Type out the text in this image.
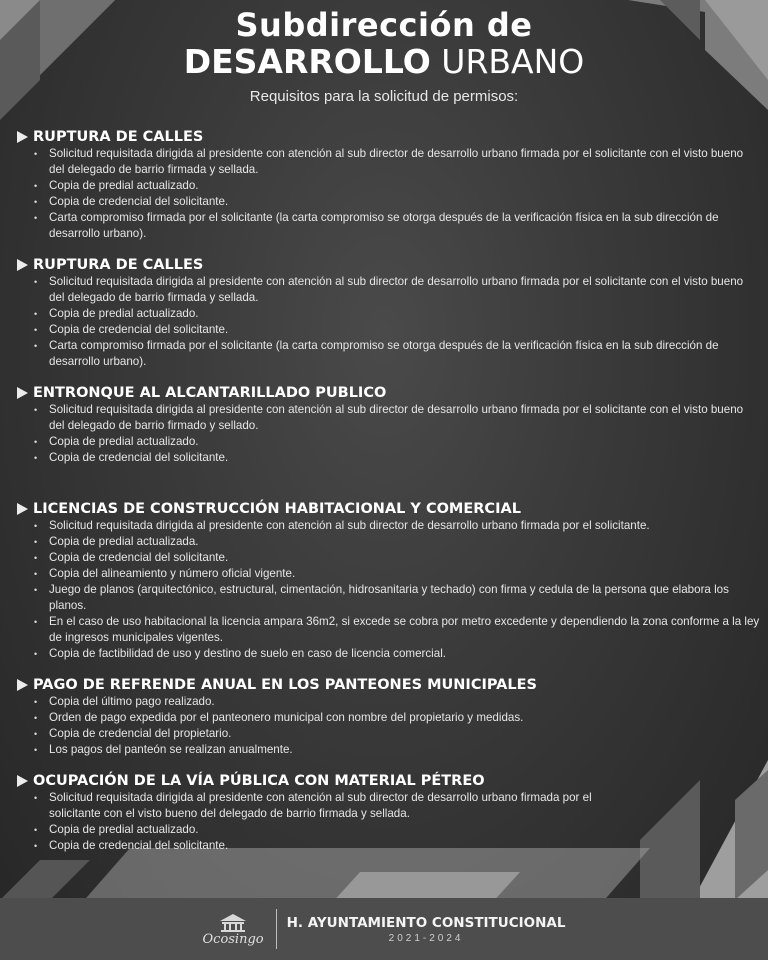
Subdirección de
DESARROLLO URBANO
Requisitos para la solicitud de permisos:
RUPTURA DE CALLES
• Solicitud requisitada dirigida al presidente con atención al sub director de desarrollo urbano firmada por el solicitante con el visto bueno del delegado de barrio firmada y sellada.
• Copia de predial actualizado.
• Copia de credencial del solicitante.
• Carta compromiso firmada por el solicitante (la carta compromiso se otorga después de la verificación física en la sub dirección de desarrollo urbano).
RUPTURA DE CALLES
• Solicitud requisitada dirigida al presidente con atención al sub director de desarrollo urbano firmada por el solicitante con el visto bueno del delegado de barrio firmada y sellada.
• Copia de predial actualizado.
• Copia de credencial del solicitante.
• Carta compromiso firmada por el solicitante (la carta compromiso se otorga después de la verificación física en la sub dirección de desarrollo urbano).
ENTRONQUE AL ALCANTARILLADO PUBLICO
• Solicitud requisitada dirigida al presidente con atención al sub director de desarrollo urbano firmada por el solicitante con el visto bueno del delegado de barrio firmado y sellado.
• Copia de predial actualizado.
• Copia de credencial del solicitante.
LICENCIAS DE CONSTRUCCIÓN HABITACIONAL Y COMERCIAL
• Solicitud requisitada dirigida al presidente con atención al sub director de desarrollo urbano firmada por el solicitante.
• Copia de predial actualizada.
• Copia de credencial del solicitante.
• Copia del alineamiento y número oficial vigente.
• Juego de planos (arquitectónico, estructural, cimentación, hidrosanitaria y techado) con firma y cedula de la persona que elabora los planos.
• En el caso de uso habitacional la licencia ampara 36m2, si excede se cobra por metro excedente y dependiendo la zona conforme a la ley de ingresos municipales vigentes.
• Copia de factibilidad de uso y destino de suelo en caso de licencia comercial.
PAGO DE REFRENDE ANUAL EN LOS PANTEONES MUNICIPALES
• Copia del último pago realizado.
• Orden de pago expedida por el panteonero municipal con nombre del propietario y medidas.
• Copia de credencial del propietario.
• Los pagos del panteón se realizan anualmente.
OCUPACIÓN DE LA VÍA PÚBLICA CON MATERIAL PÉTREO
• Solicitud requisitada dirigida al presidente con atención al sub director de desarrollo urbano firmada por el solicitante con el visto bueno del delegado de barrio firmada y sellada.
• Copia de predial actualizado.
• Copia de credencial del solicitante.
Ocosingo
H. AYUNTAMIENTO CONSTITUCIONAL
2021-2024
